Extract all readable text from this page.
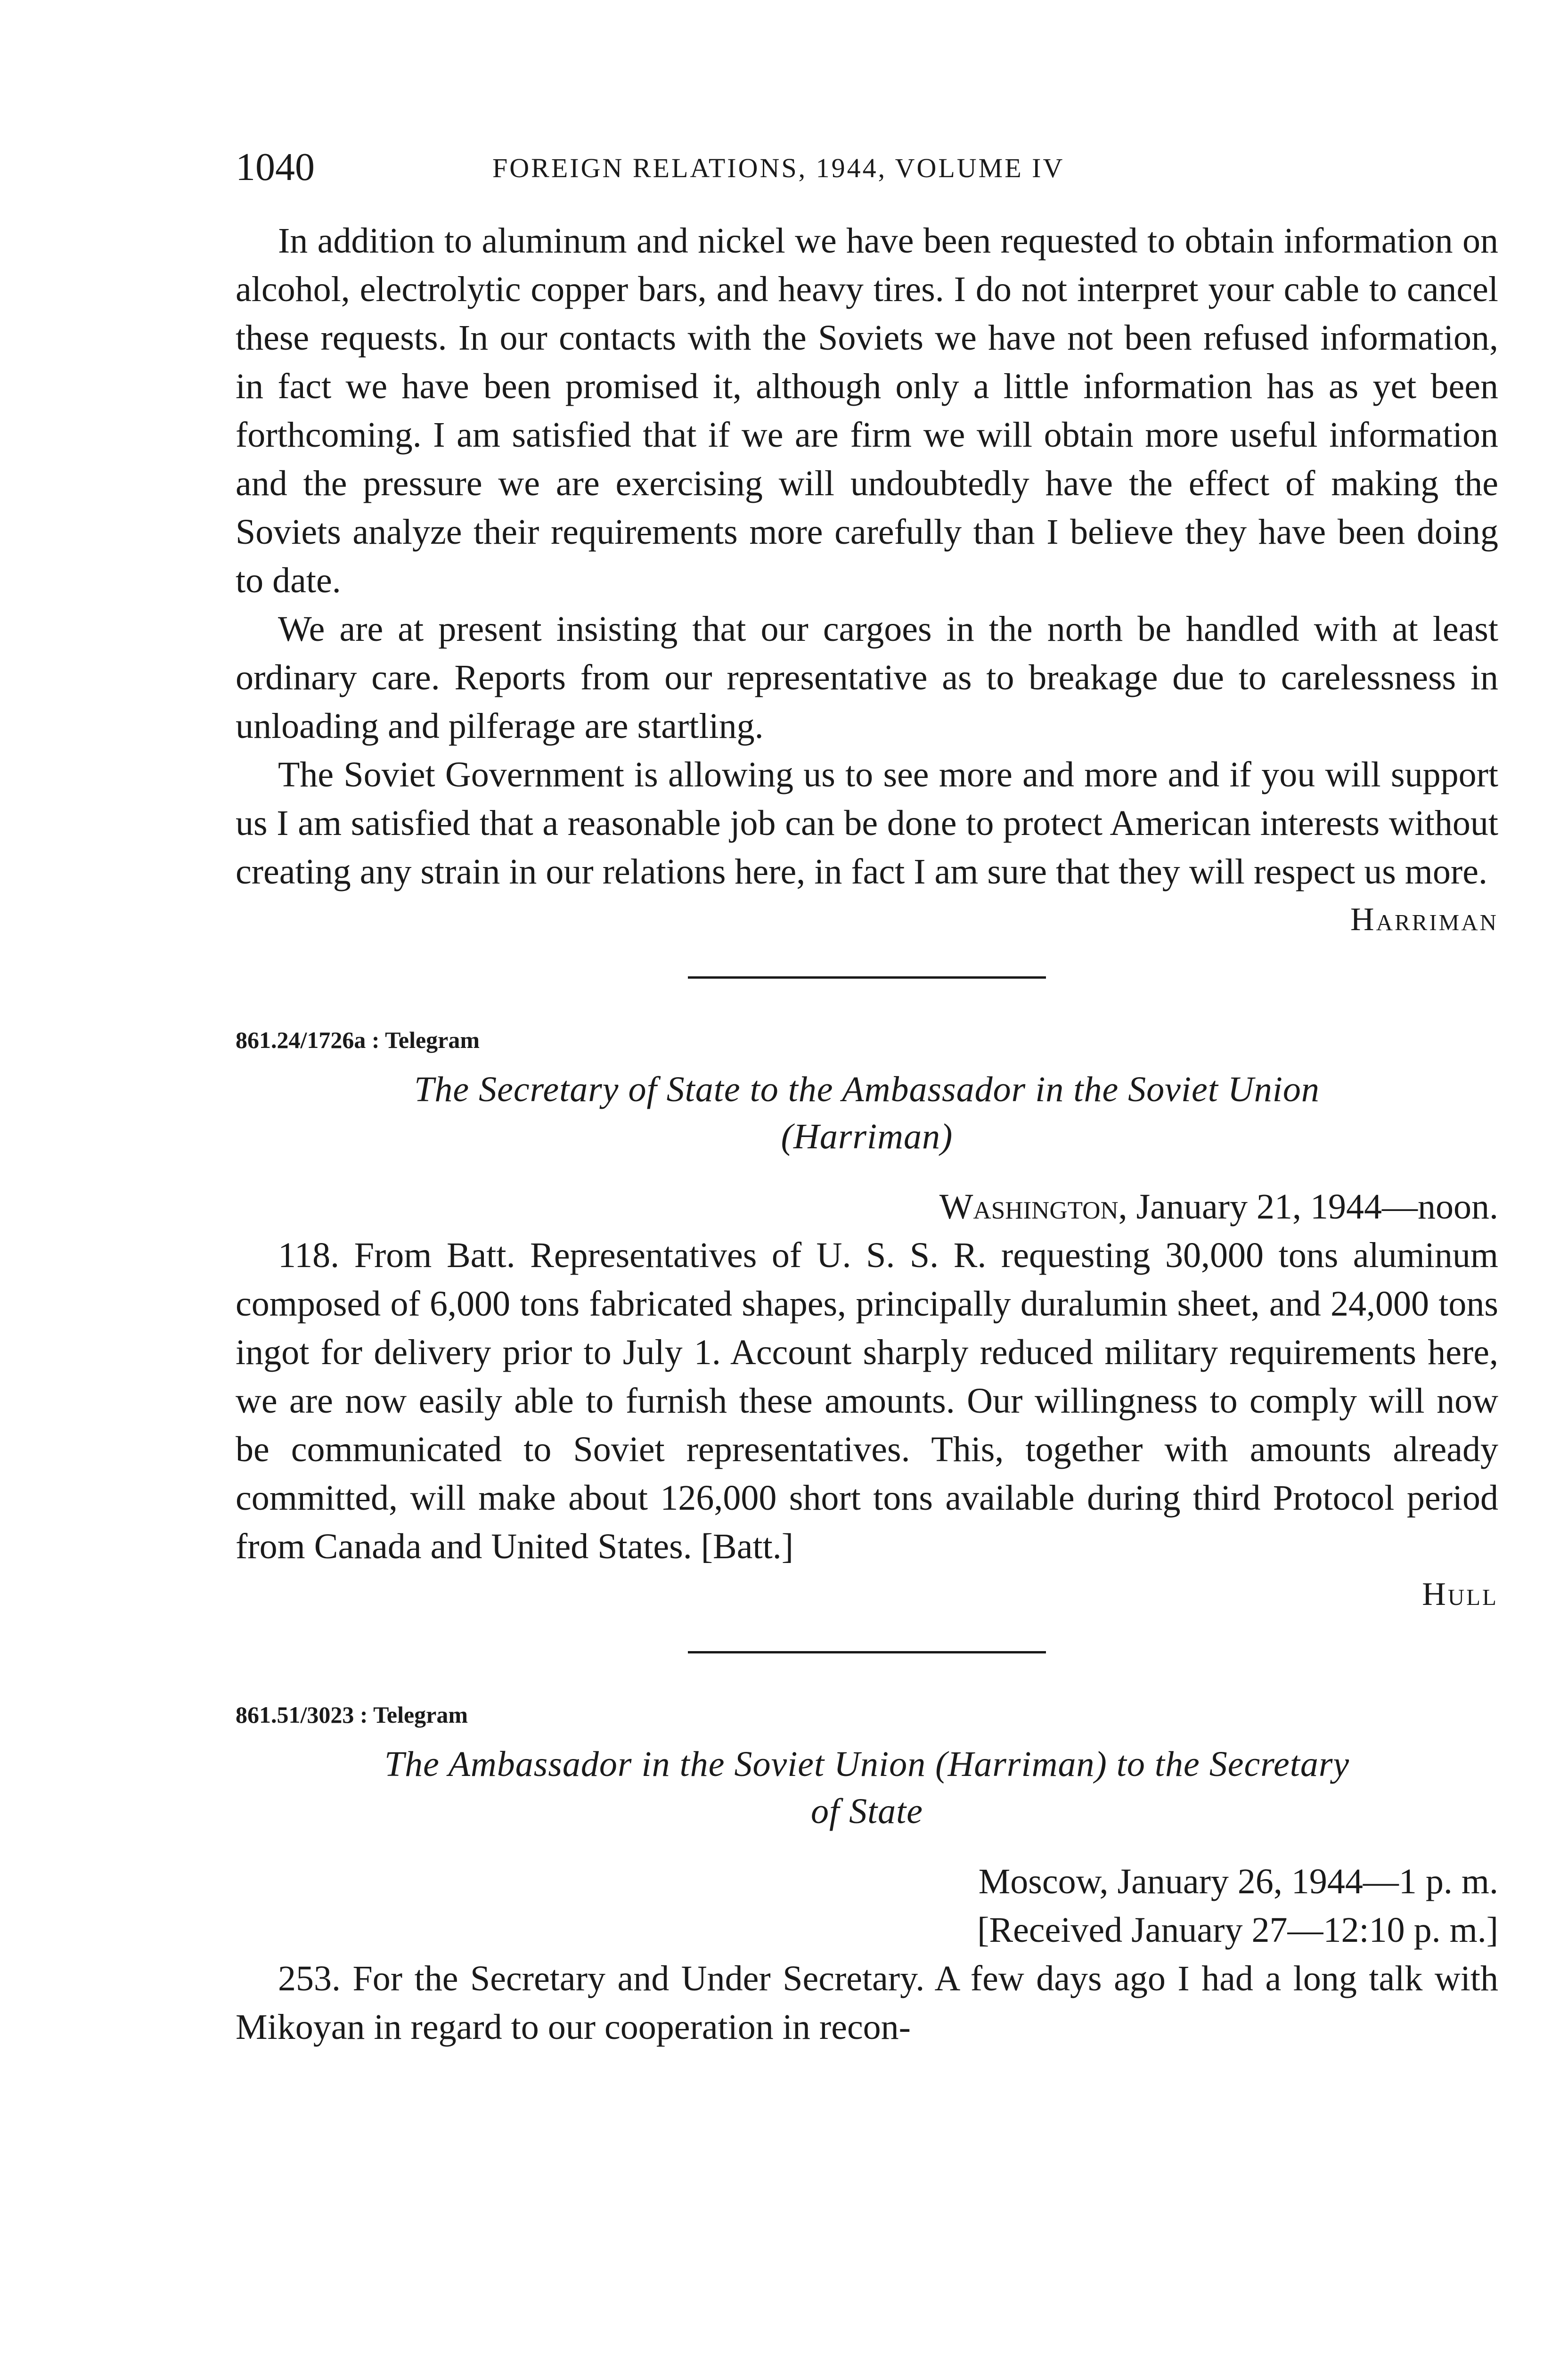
1040	FOREIGN RELATIONS, 1944, VOLUME IV

In addition to aluminum and nickel we have been requested to obtain information on alcohol, electrolytic copper bars, and heavy tires. I do not interpret your cable to cancel these requests. In our contacts with the Soviets we have not been refused information, in fact we have been promised it, although only a little information has as yet been forthcoming. I am satisfied that if we are firm we will obtain more useful information and the pressure we are exercising will undoubtedly have the effect of making the Soviets analyze their requirements more carefully than I believe they have been doing to date.

We are at present insisting that our cargoes in the north be handled with at least ordinary care. Reports from our representative as to breakage due to carelessness in unloading and pilferage are startling.

The Soviet Government is allowing us to see more and more and if you will support us I am satisfied that a reasonable job can be done to protect American interests without creating any strain in our relations here, in fact I am sure that they will respect us more.

Harriman
861.24/1726a : Telegram
The Secretary of State to the Ambassador in the Soviet Union
(Harriman)
Washington, January 21, 1944—noon.

118. From Batt. Representatives of U. S. S. R. requesting 30,000 tons aluminum composed of 6,000 tons fabricated shapes, principally duralumin sheet, and 24,000 tons ingot for delivery prior to July 1. Account sharply reduced military requirements here, we are now easily able to furnish these amounts. Our willingness to comply will now be communicated to Soviet representatives. This, together with amounts already committed, will make about 126,000 short tons available during third Protocol period from Canada and United States. [Batt.]

Hull
861.51/3023 : Telegram
The Ambassador in the Soviet Union (Harriman) to the Secretary
of State
Moscow, January 26, 1944—1 p. m.
[Received January 27—12:10 p. m.]

253. For the Secretary and Under Secretary. A few days ago I had a long talk with Mikoyan in regard to our cooperation in recon-
